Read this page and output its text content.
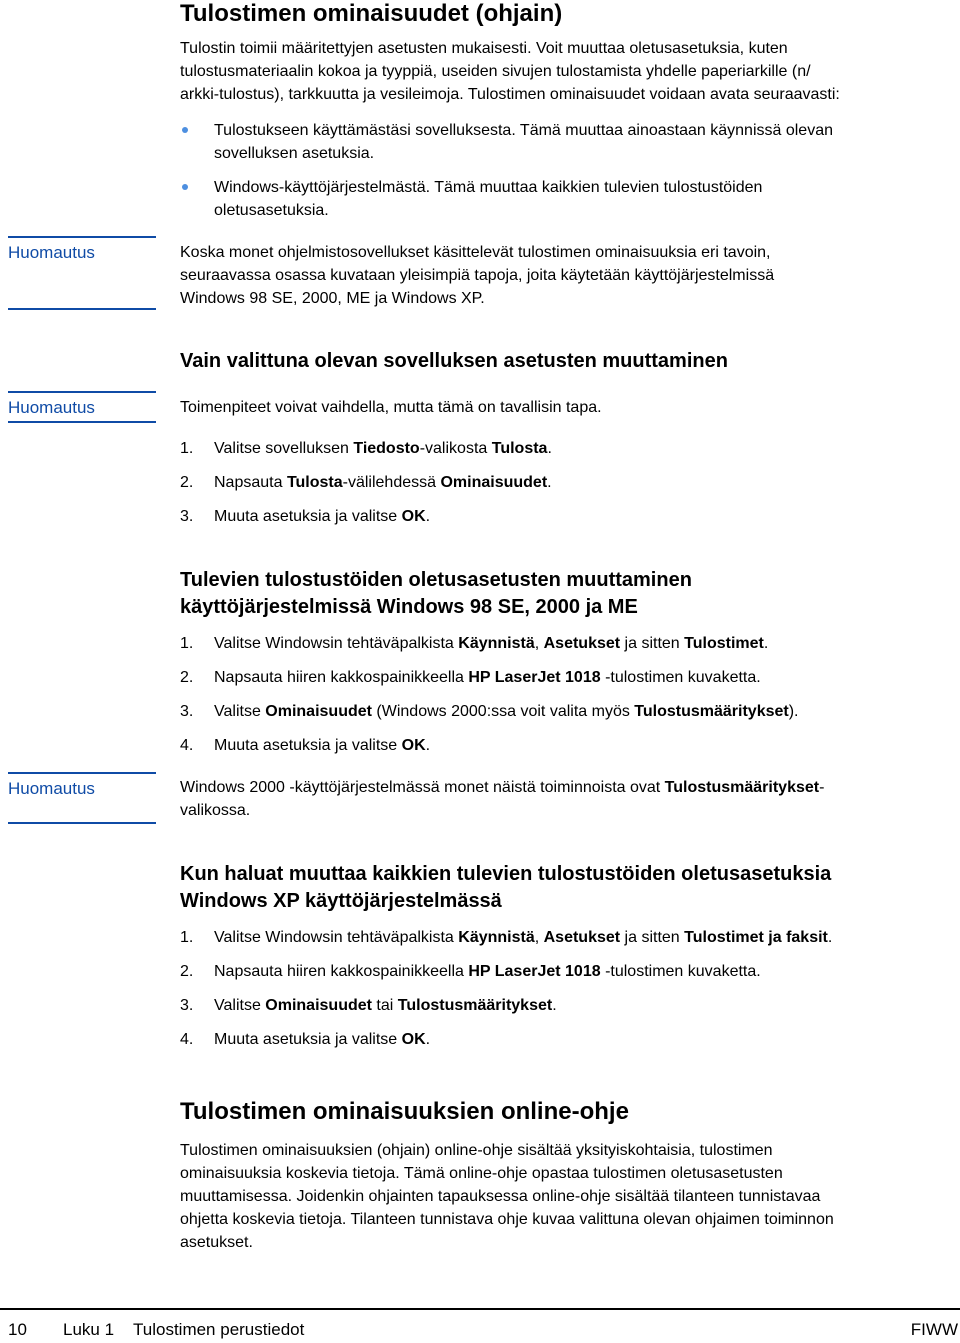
Tulostimen ominaisuudet (ohjain)
Tulostin toimii määritettyjen asetusten mukaisesti. Voit muuttaa oletusasetuksia, kuten
tulostusmateriaalin kokoa ja tyyppiä, useiden sivujen tulostamista yhdelle paperiarkille (n/
arkki-tulostus), tarkkuutta ja vesileimoja. Tulostimen ominaisuudet voidaan avata seuraavasti:
Tulostukseen käyttämästäsi sovelluksesta. Tämä muuttaa ainoastaan käynnissä olevan
sovelluksen asetuksia.
Windows-käyttöjärjestelmästä. Tämä muuttaa kaikkien tulevien tulostustöiden
oletusasetuksia.
Huomautus	Koska monet ohjelmistosovellukset käsittelevät tulostimen ominaisuuksia eri tavoin,
seuraavassa osassa kuvataan yleisimpiä tapoja, joita käytetään käyttöjärjestelmissä
Windows 98 SE, 2000, ME ja Windows XP.
Vain valittuna olevan sovelluksen asetusten muuttaminen
Huomautus	Toimenpiteet voivat vaihdella, mutta tämä on tavallisin tapa.
1. Valitse sovelluksen Tiedosto-valikosta Tulosta.
2. Napsauta Tulosta-välilehdessä Ominaisuudet.
3. Muuta asetuksia ja valitse OK.
Tulevien tulostustöiden oletusasetusten muuttaminen
käyttöjärjestelmissä Windows 98 SE, 2000 ja ME
1. Valitse Windowsin tehtäväpalkista Käynnistä, Asetukset ja sitten Tulostimet.
2. Napsauta hiiren kakkospainikkeella HP LaserJet 1018 -tulostimen kuvaketta.
3. Valitse Ominaisuudet (Windows 2000:ssa voit valita myös Tulostusmääritykset).
4. Muuta asetuksia ja valitse OK.
Huomautus	Windows 2000 -käyttöjärjestelmässä monet näistä toiminnoista ovat Tulostusmääritykset-
valikossa.
Kun haluat muuttaa kaikkien tulevien tulostustöiden oletusasetuksia
Windows XP käyttöjärjestelmässä
1. Valitse Windowsin tehtäväpalkista Käynnistä, Asetukset ja sitten Tulostimet ja faksit.
2. Napsauta hiiren kakkospainikkeella HP LaserJet 1018 -tulostimen kuvaketta.
3. Valitse Ominaisuudet tai Tulostusmääritykset.
4. Muuta asetuksia ja valitse OK.
Tulostimen ominaisuuksien online-ohje
Tulostimen ominaisuuksien (ohjain) online-ohje sisältää yksityiskohtaisia, tulostimen
ominaisuuksia koskevia tietoja. Tämä online-ohje opastaa tulostimen oletusasetusten
muuttamisessa. Joidenkin ohjainten tapauksessa online-ohje sisältää tilanteen tunnistavaa
ohjetta koskevia tietoja. Tilanteen tunnistava ohje kuvaa valittuna olevan ohjaimen toiminnon
asetukset.
10 Luku 1 Tulostimen perustiedot	FIWW
